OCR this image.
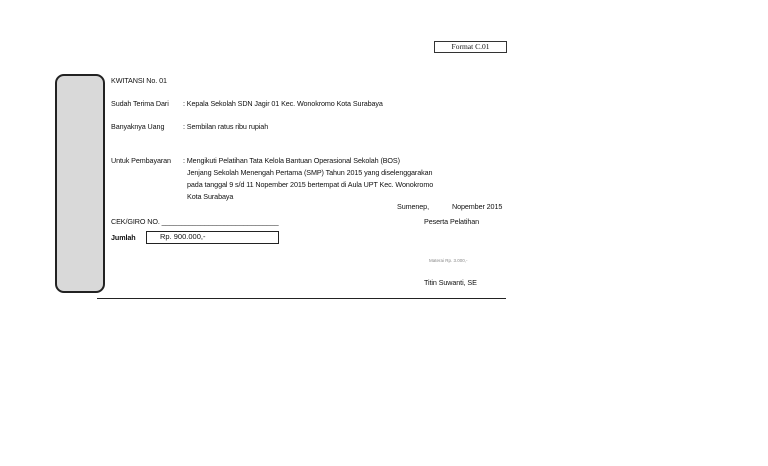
Format C.01
KWITANSI No. 01
Sudah Terima Dari : Kepala Sekolah SDN Jagir 01 Kec. Wonokromo Kota Surabaya
Banyaknya Uang	: Sembilan ratus ribu rupiah
Untuk Pembayaran : Mengikuti Pelatihan Tata Kelola Bantuan Operasional Sekolah (BOS)
Jenjang Sekolah Menengah Pertama (SMP) Tahun 2015 yang diselenggarakan
pada tanggal 9 s/d 11 Nopember 2015 bertempat di Aula UPT Kec. Wonokromo
Kota Surabaya
Sumenep,	Nopember 2015
CEK/GIRO NO. ______________________________	Peserta Pelatihan
Jumlah	Rp. 900.000,-
Materai Rp. 3.000,-
Titin Suwanti, SE
